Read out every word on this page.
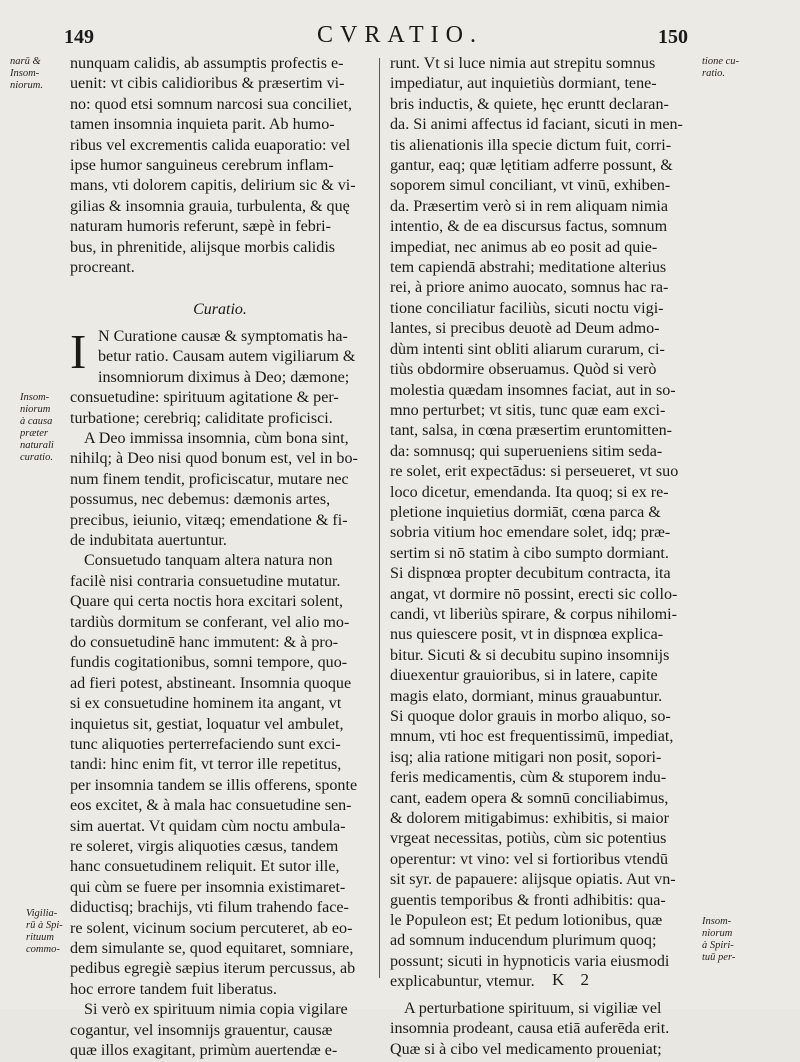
149	CVRATIO.	150
nunquam calidis, ab assumptis profectis e-
uenit: vt cibis calidioribus & præsertim vi-
no: quod etsi somnum narcosi sua conciliet,
tamen insomnia inquieta parit. Ab humo-
ribus vel excrementis calida euaporatio: vel
ipse humor sanguineus cerebrum inflam-
mans, vti dolorem capitis, delirium sic & vi-
gilias & insomnia grauia, turbulenta, & quę
naturam humoris referunt, sæpè in febri-
bus, in phrenitide, alijsque morbis calidis
procreant.
Curatio.
I N Curatione causæ & symptomatis ha-
betur ratio. Causam autem vigiliarum &
insomniorum diximus à Deo; dæmone;
consuetudine: spirituum agitatione & per-
turbatione; cerebriq; caliditate proficisci.
A Deo immissa insomnia, cùm bona sint,
nihilq; à Deo nisi quod bonum est, vel in bo-
num finem tendit, proficiscatur, mutare nec
possumus, nec debemus: dæmonis artes,
precibus, ieiunio, vitæq; emendatione & fi-
de indubitata auertuntur.
Consuetudo tanquam altera natura non
facilè nisi contraria consuetudine mutatur.
Quare qui certa noctis hora excitari solent,
tardiùs dormitum se conferant, vel alio mo-
do consuetudinē hanc immutent: & à pro-
fundis cogitationibus, somni tempore, quo-
ad fieri potest, abstineant. Insomnia quoque
si ex consuetudine hominem ita angant, vt
inquietus sit, gestiat, loquatur vel ambulet,
tunc aliquoties perterrefaciendo sunt exci-
tandi: hinc enim fit, vt terror ille repetitus,
per insomnia tandem se illis offerens, sponte
eos excitet, & à mala hac consuetudine sen-
sim auertat. Vt quidam cùm noctu ambula-
re soleret, virgis aliquoties cæsus, tandem
hanc consuetudinem reliquit. Et sutor ille,
qui cùm se fuere per insomnia existimaret-
diductisq; brachijs, vti filum trahendo face-
re solent, vicinum socium percuteret, ab eo-
dem simulante se, quod equitaret, somniare,
pedibus egregiè sæpius iterum percussus, ab
hoc errore tandem fuit liberatus.
Si verò ex spirituum nimia copia vigilare
cogantur, vel insomnijs grauentur, causæ
quæ illos exagitant, primùm auertendæ e-
runt. Vt si luce nimia aut strepitu somnus
impediatur, aut inquietiùs dormiant, tene-
bris inductis, & quiete, hęc eruntt declaran-
da. Si animi affectus id faciant, sicuti in men-
tis alienationis illa specie dictum fuit, corri-
gantur, eaq; quæ lętitiam adferre possunt, &
soporem simul conciliant, vt vinū, exhiben-
da. Præsertim verò si in rem aliquam nimia
intentio, & de ea discursus factus, somnum
impediat, nec animus ab eo posit ad quie-
tem capiendā abstrahi; meditatione alterius
rei, à priore animo auocato, somnus hac ra-
tione conciliatur faciliùs, sicuti noctu vigi-
lantes, si precibus deuotè ad Deum admo-
dùm intenti sint obliti aliarum curarum, ci-
tiùs obdormire obseruamus. Quòd si verò
molestia quædam insomnes faciat, aut in so-
mno perturbet; vt sitis, tunc quæ eam exci-
tant, salsa, in cœna præsertim eruntomitten-
da: somnusq; qui superueniens sitim seda-
re solet, erit expectādus: si perseueret, vt suo
loco dicetur, emendanda. Ita quoq; si ex re-
pletione inquietius dormiāt, cœna parca &
sobria vitium hoc emendare solet, idq; præ-
sertim si nō statim à cibo sumpto dormiant.
Si dispnœa propter decubitum contracta, ita
angat, vt dormire nō possint, erecti sic collo-
candi, vt liberiùs spirare, & corpus nihilomi-
nus quiescere posit, vt in dispnœa explica-
bitur. Sicuti & si decubitu supino insomnijs
diuexentur grauioribus, si in latere, capite
magis elato, dormiant, minus grauabuntur.
Si quoque dolor grauis in morbo aliquo, so-
mnum, vti hoc est frequentissimū, impediat,
isq; alia ratione mitigari non posit, sopori-
feris medicamentis, cùm & stuporem indu-
cant, eadem opera & somnū conciliabimus,
& dolorem mitigabimus: exhibitis, si maior
vrgeat necessitas, potiùs, cùm sic potentius
operentur: vt vino: vel si fortioribus vtendū
sit syr. de papauere: alijsque opiatis. Aut vn-
guentis temporibus & fronti adhibitis: qua-
le Populeon est; Et pedum lotionibus, quæ
ad somnum inducendum plurimum quoq;
possunt; sicuti in hypnoticis varia eiusmodi
explicabuntur, vtemur.
A perturbatione spirituum, si vigiliæ vel
insomnia prodeant, causa etiā auferēda erit.
Quæ si à cibo vel medicamento proueniat;
narū &
Insom-
niorum.
tione cu-
ratio.
Insom-
niorum
à causa
præter
naturali
curatio.
Vigilia-
rū à Spi-
rituum
commo-
Insom-
niorum
à Spiri-
tuū per-
K 2
